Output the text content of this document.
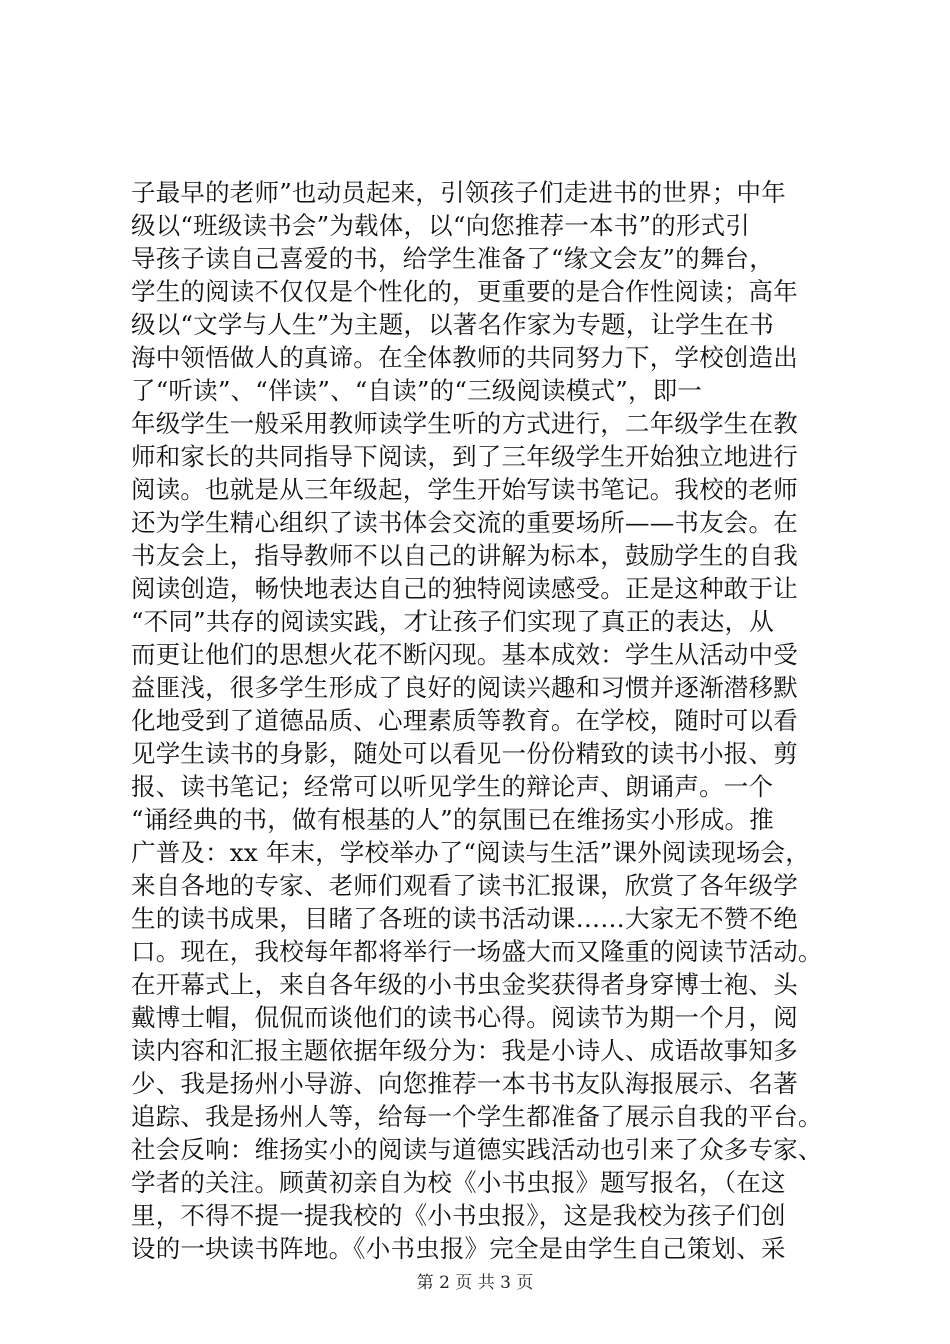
子最早的老师”也动员起来，引领孩子们走进书的世界；中年
级以“班级读书会”为载体，以“向您推荐一本书”的形式引
导孩子读自己喜爱的书，给学生准备了“缘文会友”的舞台，
学生的阅读不仅仅是个性化的，更重要的是合作性阅读；高年
级以“文学与人生”为主题，以著名作家为专题，让学生在书
海中领悟做人的真谛。在全体教师的共同努力下，学校创造出
了“听读”、“伴读”、“自读”的“三级阅读模式”，即一
年级学生一般采用教师读学生听的方式进行，二年级学生在教
师和家长的共同指导下阅读，到了三年级学生开始独立地进行
阅读。也就是从三年级起，学生开始写读书笔记。我校的老师
还为学生精心组织了读书体会交流的重要场所——书友会。在
书友会上，指导教师不以自己的讲解为标本，鼓励学生的自我
阅读创造，畅快地表达自己的独特阅读感受。正是这种敢于让
“不同”共存的阅读实践，才让孩子们实现了真正的表达，从
而更让他们的思想火花不断闪现。基本成效：学生从活动中受
益匪浅，很多学生形成了良好的阅读兴趣和习惯并逐渐潜移默
化地受到了道德品质、心理素质等教育。在学校，随时可以看
见学生读书的身影，随处可以看见一份份精致的读书小报、剪
报、读书笔记；经常可以听见学生的辩论声、朗诵声。一个
“诵经典的书，做有根基的人”的氛围已在维扬实小形成。推
广普及：xx 年末，学校举办了“阅读与生活”课外阅读现场会，
来自各地的专家、老师们观看了读书汇报课，欣赏了各年级学
生的读书成果，目睹了各班的读书活动课……大家无不赞不绝
口。现在，我校每年都将举行一场盛大而又隆重的阅读节活动。
在开幕式上，来自各年级的小书虫金奖获得者身穿博士袍、头
戴博士帽，侃侃而谈他们的读书心得。阅读节为期一个月，阅
读内容和汇报主题依据年级分为：我是小诗人、成语故事知多
少、我是扬州小导游、向您推荐一本书书友队海报展示、名著
追踪、我是扬州人等，给每一个学生都准备了展示自我的平台。
社会反响：维扬实小的阅读与道德实践活动也引来了众多专家、
学者的关注。顾黄初亲自为校《小书虫报》题写报名，（在这
里，不得不提一提我校的《小书虫报》，这是我校为孩子们创
设的一块读书阵地。《小书虫报》完全是由学生自己策划、采
第 2 页 共 3 页
